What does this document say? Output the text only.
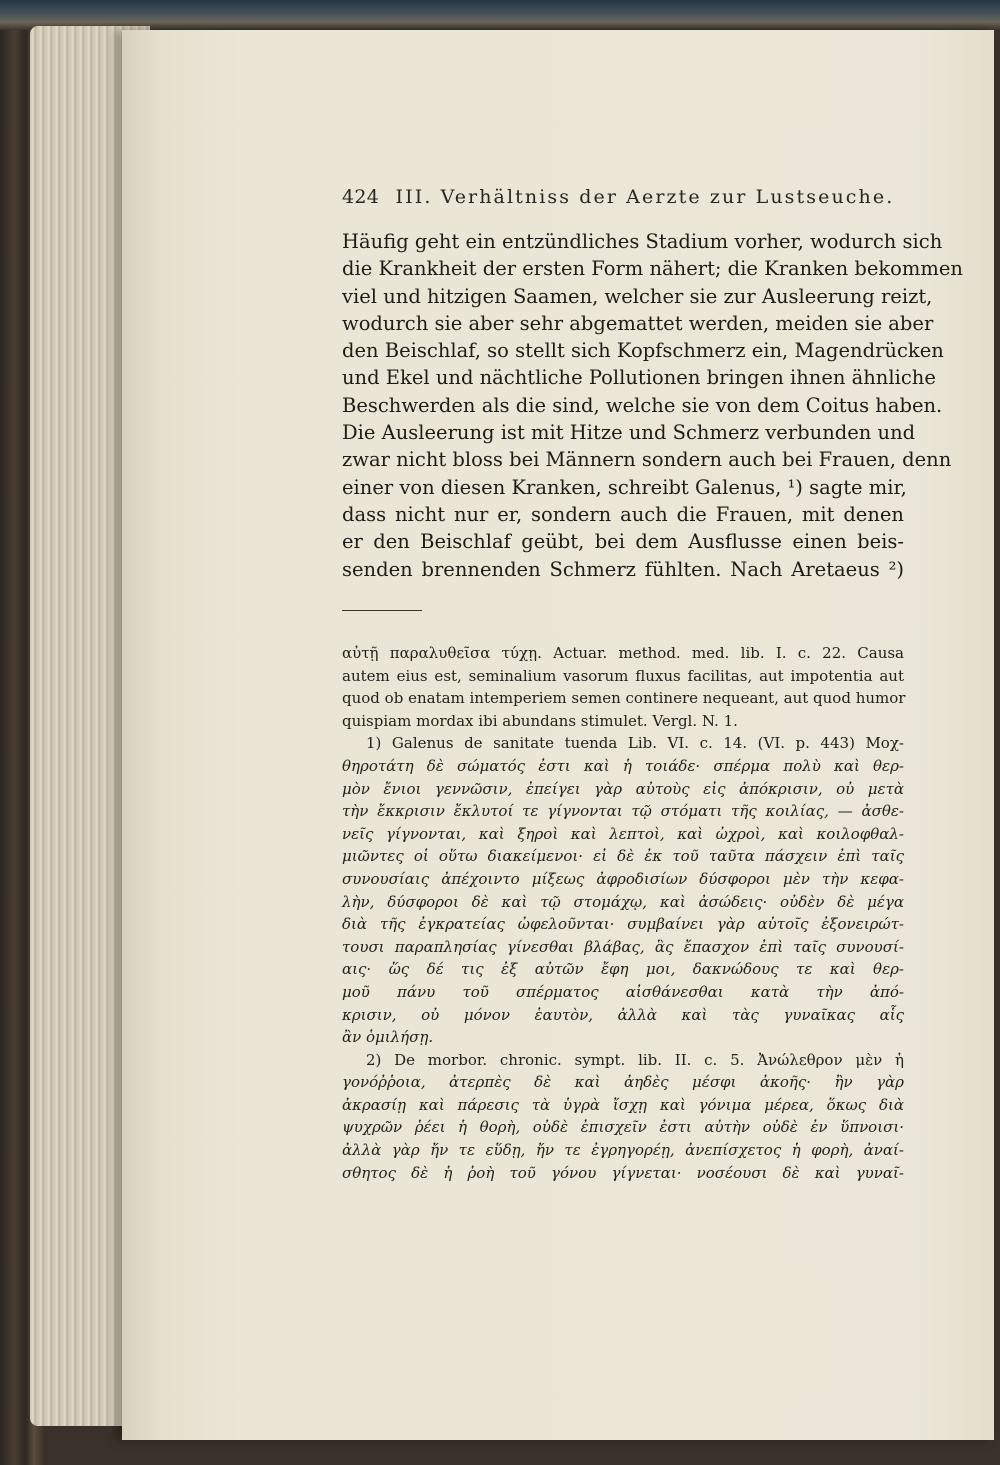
424 III. Verhältniss der Aerzte zur Lustseuche.
Häufig geht ein entzündliches Stadium vorher, wodurch sich
die Krankheit der ersten Form nähert; die Kranken bekommen
viel und hitzigen Saamen, welcher sie zur Ausleerung reizt,
wodurch sie aber sehr abgemattet werden, meiden sie aber
den Beischlaf, so stellt sich Kopfschmerz ein, Magendrücken
und Ekel und nächtliche Pollutionen bringen ihnen ähnliche
Beschwerden als die sind, welche sie von dem Coitus haben.
Die Ausleerung ist mit Hitze und Schmerz verbunden und
zwar nicht bloss bei Männern sondern auch bei Frauen, denn
einer von diesen Kranken, schreibt Galenus, ¹) sagte mir,
dass nicht nur er, sondern auch die Frauen, mit denen
er den Beischlaf geübt, bei dem Ausflusse einen beis-
senden brennenden Schmerz fühlten. Nach Aretaeus ²)
αὐτῇ παραλυθεῖσα τύχῃ. Actuar. method. med. lib. I. c. 22. Causa
autem eius est, seminalium vasorum fluxus facilitas, aut impotentia aut
quod ob enatam intemperiem semen continere nequeant, aut quod humor
quispiam mordax ibi abundans stimulet. Vergl. N. 1.
1) Galenus de sanitate tuenda Lib. VI. c. 14. (VI. p. 443) Μοχ-
θηροτάτη δὲ σώματός ἐστι καὶ ἡ τοιάδε· σπέρμα πολὺ καὶ θερ-
μὸν ἔνιοι γεννῶσιν, ἐπείγει γὰρ αὐτοὺς εἰς ἀπόκρισιν, οὐ μετὰ
τὴν ἔκκρισιν ἔκλυτοί τε γίγνονται τῷ στόματι τῆς κοιλίας, — ἀσθε-
νεῖς γίγνονται, καὶ ξηροὶ καὶ λεπτοὶ, καὶ ὠχροὶ, καὶ κοιλοφθαλ-
μιῶντες οἱ οὕτω διακείμενοι· εἰ δὲ ἐκ τοῦ ταῦτα πάσχειν ἐπὶ ταῖς
συνουσίαις ἀπέχοιντο μίξεως ἀφροδισίων δύσφοροι μὲν τὴν κεφα-
λὴν, δύσφοροι δὲ καὶ τῷ στομάχῳ, καὶ ἀσώδεις· οὐδὲν δὲ μέγα
διὰ τῆς ἐγκρατείας ὠφελοῦνται· συμβαίνει γὰρ αὐτοῖς ἐξονειρώτ-
τουσι παραπλησίας γίνεσθαι βλάβας, ἃς ἔπασχον ἐπὶ ταῖς συνουσί-
αις· ὥς δέ τις ἐξ αὐτῶν ἔφη μοι, δακνώδους τε καὶ θερ-
μοῦ πάνυ τοῦ σπέρματος αἰσθάνεσθαι κατὰ τὴν ἀπό-
κρισιν, οὐ μόνον ἑαυτὸν, ἀλλὰ καὶ τὰς γυναῖκας αἷς
ἂν ὁμιλήσῃ.
2) De morbor. chronic. sympt. lib. II. c. 5. Ἀνώλεθρον μὲν ἡ
γονόῤῥοια, ἀτερπὲς δὲ καὶ ἀηδὲς μέσφι ἀκοῆς· ἢν γὰρ
ἀκρασίῃ καὶ πάρεσις τὰ ὑγρὰ ἴσχῃ καὶ γόνιμα μέρεα, ὅκως διὰ
ψυχρῶν ῥέει ἡ θορὴ, οὐδὲ ἐπισχεῖν ἐστι αὐτὴν οὐδὲ ἐν ὕπνοισι·
ἀλλὰ γὰρ ἤν τε εὕδῃ, ἤν τε ἐγρηγορέῃ, ἀνεπίσχετος ἡ φορὴ, ἀναί-
σθητος δὲ ἡ ῥοὴ τοῦ γόνου γίγνεται· νοσέουσι δὲ καὶ γυναῖ-
